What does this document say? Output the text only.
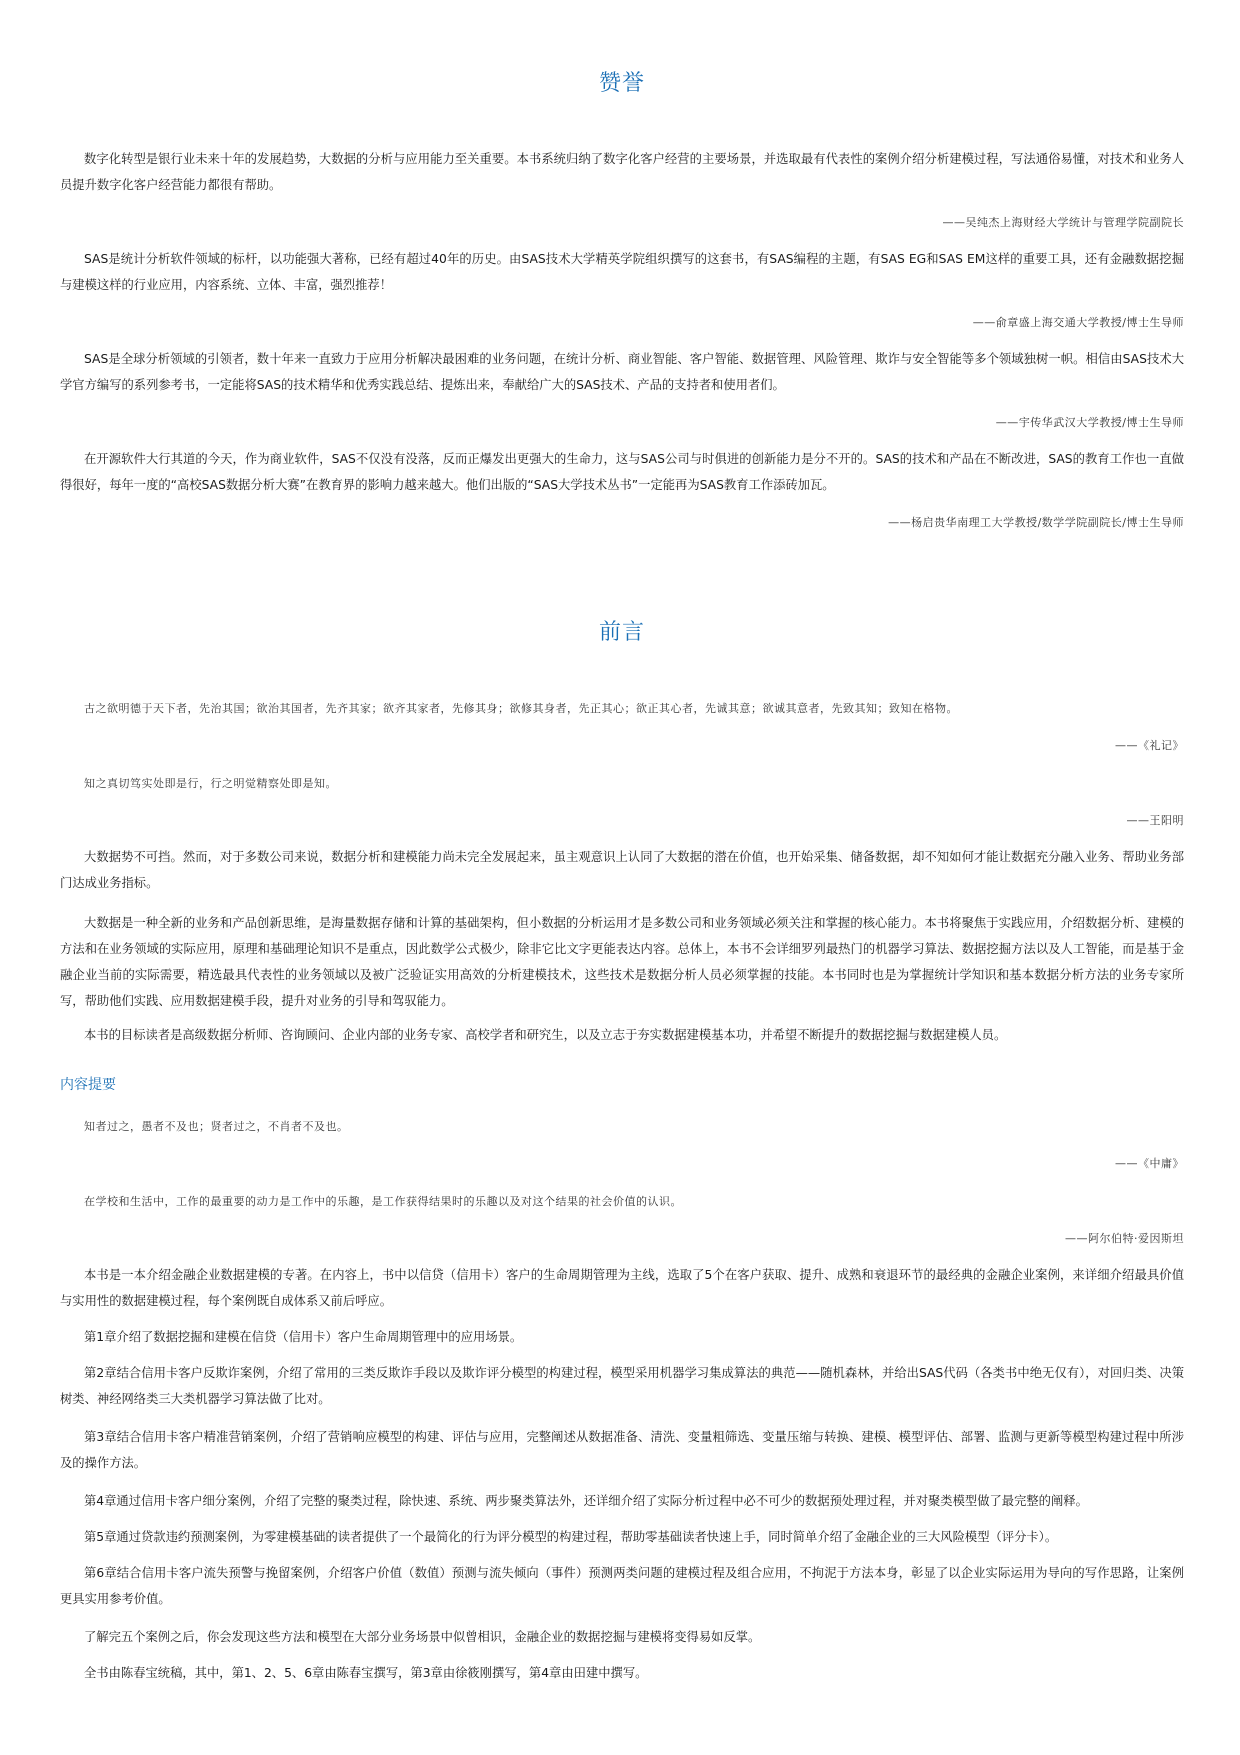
赞誉

数字化转型是银行业未来十年的发展趋势，大数据的分析与应用能力至关重要。本书系统归纳了数字化客户经营的主要场景，并选取最有代表性的案例介绍分析建模过程，写法通俗易懂，对技术和业务人员提升数字化客户经营能力都很有帮助。

——吴纯杰上海财经大学统计与管理学院副院长

SAS是统计分析软件领域的标杆，以功能强大著称，已经有超过40年的历史。由SAS技术大学精英学院组织撰写的这套书，有SAS编程的主题，有SAS EG和SAS EM这样的重要工具，还有金融数据挖掘与建模这样的行业应用，内容系统、立体、丰富，强烈推荐！

——俞章盛上海交通大学教授/博士生导师

SAS是全球分析领域的引领者，数十年来一直致力于应用分析解决最困难的业务问题，在统计分析、商业智能、客户智能、数据管理、风险管理、欺诈与安全智能等多个领域独树一帜。相信由SAS技术大学官方编写的系列参考书，一定能将SAS的技术精华和优秀实践总结、提炼出来，奉献给广大的SAS技术、产品的支持者和使用者们。

——宇传华武汉大学教授/博士生导师

在开源软件大行其道的今天，作为商业软件，SAS不仅没有没落，反而正爆发出更强大的生命力，这与SAS公司与时俱进的创新能力是分不开的。SAS的技术和产品在不断改进，SAS的教育工作也一直做得很好，每年一度的“高校SAS数据分析大赛”在教育界的影响力越来越大。他们出版的“SAS大学技术丛书”一定能再为SAS教育工作添砖加瓦。

——杨启贵华南理工大学教授/数学学院副院长/博士生导师

前言

古之欲明德于天下者，先治其国；欲治其国者，先齐其家；欲齐其家者，先修其身；欲修其身者，先正其心；欲正其心者，先诚其意；欲诚其意者，先致其知；致知在格物。

——《礼记》

知之真切笃实处即是行，行之明觉精察处即是知。

——王阳明

大数据势不可挡。然而，对于多数公司来说，数据分析和建模能力尚未完全发展起来，虽主观意识上认同了大数据的潜在价值，也开始采集、储备数据，却不知如何才能让数据充分融入业务、帮助业务部门达成业务指标。

大数据是一种全新的业务和产品创新思维，是海量数据存储和计算的基础架构，但小数据的分析运用才是多数公司和业务领域必须关注和掌握的核心能力。本书将聚焦于实践应用，介绍数据分析、建模的方法和在业务领域的实际应用，原理和基础理论知识不是重点，因此数学公式极少，除非它比文字更能表达内容。总体上，本书不会详细罗列最热门的机器学习算法、数据挖掘方法以及人工智能，而是基于金融企业当前的实际需要，精选最具代表性的业务领域以及被广泛验证实用高效的分析建模技术，这些技术是数据分析人员必须掌握的技能。本书同时也是为掌握统计学知识和基本数据分析方法的业务专家所写，帮助他们实践、应用数据建模手段，提升对业务的引导和驾驭能力。

本书的目标读者是高级数据分析师、咨询顾问、企业内部的业务专家、高校学者和研究生，以及立志于夯实数据建模基本功，并希望不断提升的数据挖掘与数据建模人员。

内容提要

知者过之，愚者不及也；贤者过之，不肖者不及也。

——《中庸》

在学校和生活中，工作的最重要的动力是工作中的乐趣，是工作获得结果时的乐趣以及对这个结果的社会价值的认识。

——阿尔伯特·爱因斯坦

本书是一本介绍金融企业数据建模的专著。在内容上，书中以信贷（信用卡）客户的生命周期管理为主线，选取了5个在客户获取、提升、成熟和衰退环节的最经典的金融企业案例，来详细介绍最具价值与实用性的数据建模过程，每个案例既自成体系又前后呼应。

第1章介绍了数据挖掘和建模在信贷（信用卡）客户生命周期管理中的应用场景。

第2章结合信用卡客户反欺诈案例，介绍了常用的三类反欺诈手段以及欺诈评分模型的构建过程，模型采用机器学习集成算法的典范——随机森林，并给出SAS代码（各类书中绝无仅有），对回归类、决策树类、神经网络类三大类机器学习算法做了比对。

第3章结合信用卡客户精准营销案例，介绍了营销响应模型的构建、评估与应用，完整阐述从数据准备、清洗、变量粗筛选、变量压缩与转换、建模、模型评估、部署、监测与更新等模型构建过程中所涉及的操作方法。

第4章通过信用卡客户细分案例，介绍了完整的聚类过程，除快速、系统、两步聚类算法外，还详细介绍了实际分析过程中必不可少的数据预处理过程，并对聚类模型做了最完整的阐释。

第5章通过贷款违约预测案例，为零建模基础的读者提供了一个最简化的行为评分模型的构建过程，帮助零基础读者快速上手，同时简单介绍了金融企业的三大风险模型（评分卡）。

第6章结合信用卡客户流失预警与挽留案例，介绍客户价值（数值）预测与流失倾向（事件）预测两类问题的建模过程及组合应用，不拘泥于方法本身，彰显了以企业实际运用为导向的写作思路，让案例更具实用参考价值。

了解完五个案例之后，你会发现这些方法和模型在大部分业务场景中似曾相识，金融企业的数据挖掘与建模将变得易如反掌。

全书由陈春宝统稿，其中，第1、2、5、6章由陈春宝撰写，第3章由徐筱刚撰写，第4章由田建中撰写。
